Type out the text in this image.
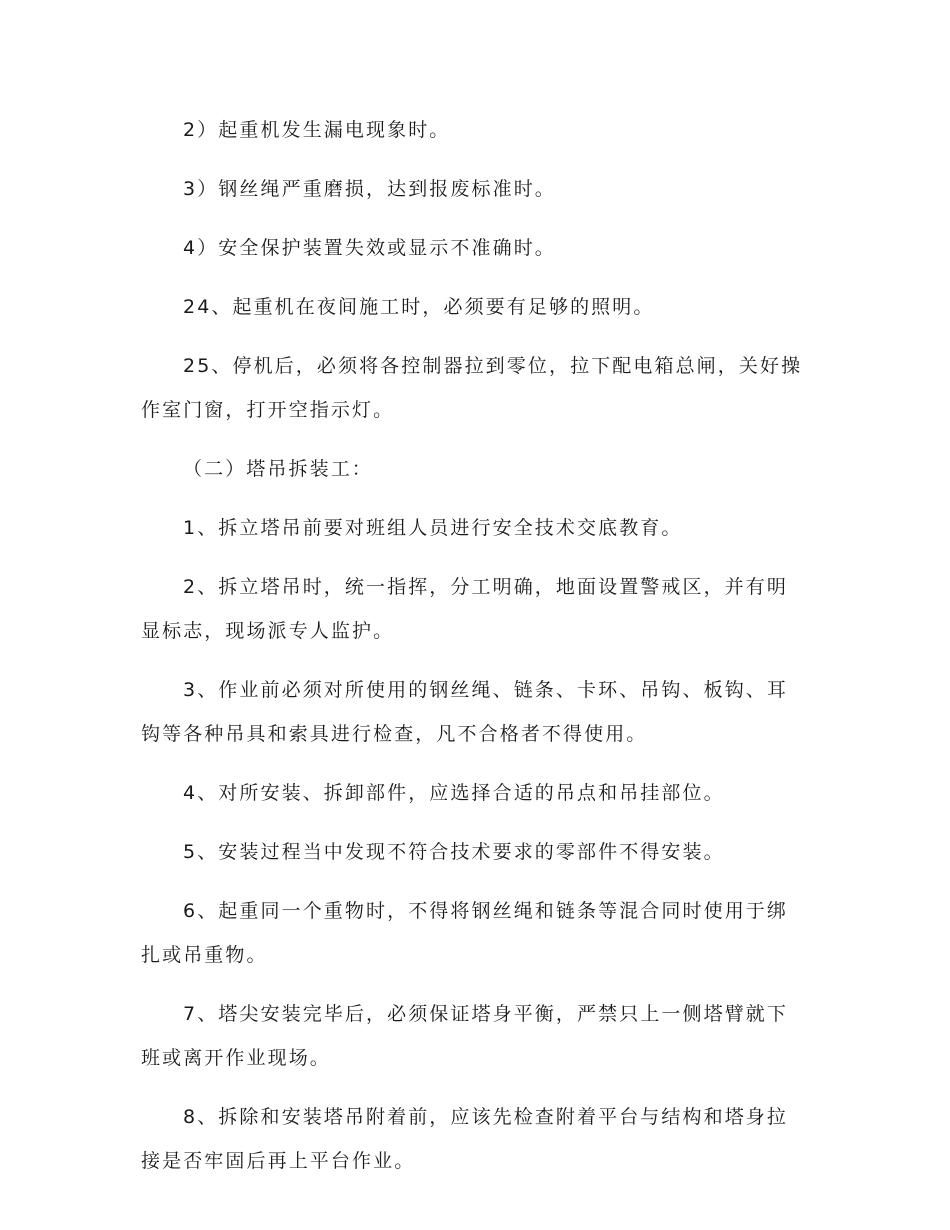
2）起重机发生漏电现象时。

3）钢丝绳严重磨损，达到报废标准时。

4）安全保护装置失效或显示不准确时。

24、起重机在夜间施工时，必须要有足够的照明。

25、停机后，必须将各控制器拉到零位，拉下配电箱总闸，关好操作室门窗，打开空指示灯。

（二）塔吊拆装工：

1、拆立塔吊前要对班组人员进行安全技术交底教育。

2、拆立塔吊时，统一指挥，分工明确，地面设置警戒区，并有明显标志，现场派专人监护。

3、作业前必须对所使用的钢丝绳、链条、卡环、吊钩、板钩、耳钩等各种吊具和索具进行检查，凡不合格者不得使用。

4、对所安装、拆卸部件，应选择合适的吊点和吊挂部位。

5、安装过程当中发现不符合技术要求的零部件不得安装。

6、起重同一个重物时，不得将钢丝绳和链条等混合同时使用于绑扎或吊重物。

7、塔尖安装完毕后，必须保证塔身平衡，严禁只上一侧塔臂就下班或离开作业现场。

8、拆除和安装塔吊附着前，应该先检查附着平台与结构和塔身拉接是否牢固后再上平台作业。
